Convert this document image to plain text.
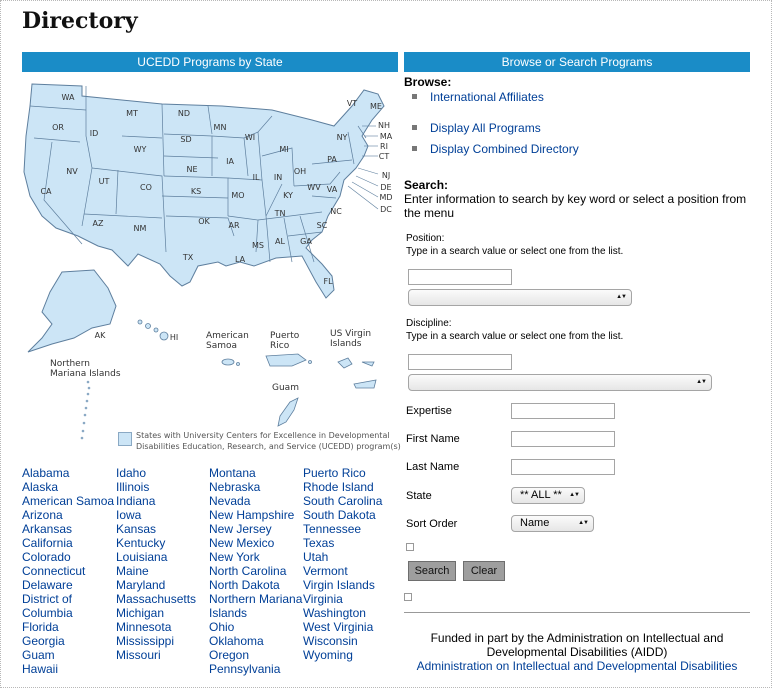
Directory
UCEDD Programs by State	Browse or Search Programs
WA
OR
CA
ID
NV
MT
WY
UT
AZ
CO
NM
ND
SD
NE
KS
OK
TX
MN
IA
MO
AR
LA
WI
IL
MS
MI
IN
KY
TN
AL
OH
WV
GA
FL
SC
NC
VA
PA
NY
VT ME
NH
MA
RI
CT
NJ
DE
MD
DC
AK	HI	American
Samoa
Puerto
Rico
US Virgin
Islands
Guam
Northern
Mariana Islands
States with University Centers for Excellence in Developmental Disabilities Education, Research, and Service (UCEDD) program(s)
Alabama
Alaska
American Samoa
Arizona
Arkansas
California
Colorado
Connecticut
Delaware
District of
Columbia
Florida
Georgia
Guam
Hawaii
Idaho
Illinois
Indiana
Iowa
Kansas
Kentucky
Louisiana
Maine
Maryland
Massachusetts
Michigan
Minnesota
Mississippi
Missouri
Montana
Nebraska
Nevada
New Hampshire
New Jersey
New Mexico
New York
North Carolina
North Dakota
Northern Mariana
Islands
Ohio
Oklahoma
Oregon
Pennsylvania
Puerto Rico
Rhode Island
South Carolina
South Dakota
Tennessee
Texas
Utah
Vermont
Virgin Islands
Virginia
Washington
West Virginia
Wisconsin
Wyoming
Browse:
International Affiliates
Display All Programs
Display Combined Directory
Search:
Enter information to search by key word or select a position from the menu
Position:
Type in a search value or select one from the list.
▲▼
Discipline:
Type in a search value or select one from the list.
▲▼
Expertise
First Name
Last Name
State	** ALL ** ▲▼
Sort Order	Name	▲▼
Search	Clear
Funded in part by the Administration on Intellectual and Developmental Disabilities (AIDD)
Administration on Intellectual and Developmental Disabilities
